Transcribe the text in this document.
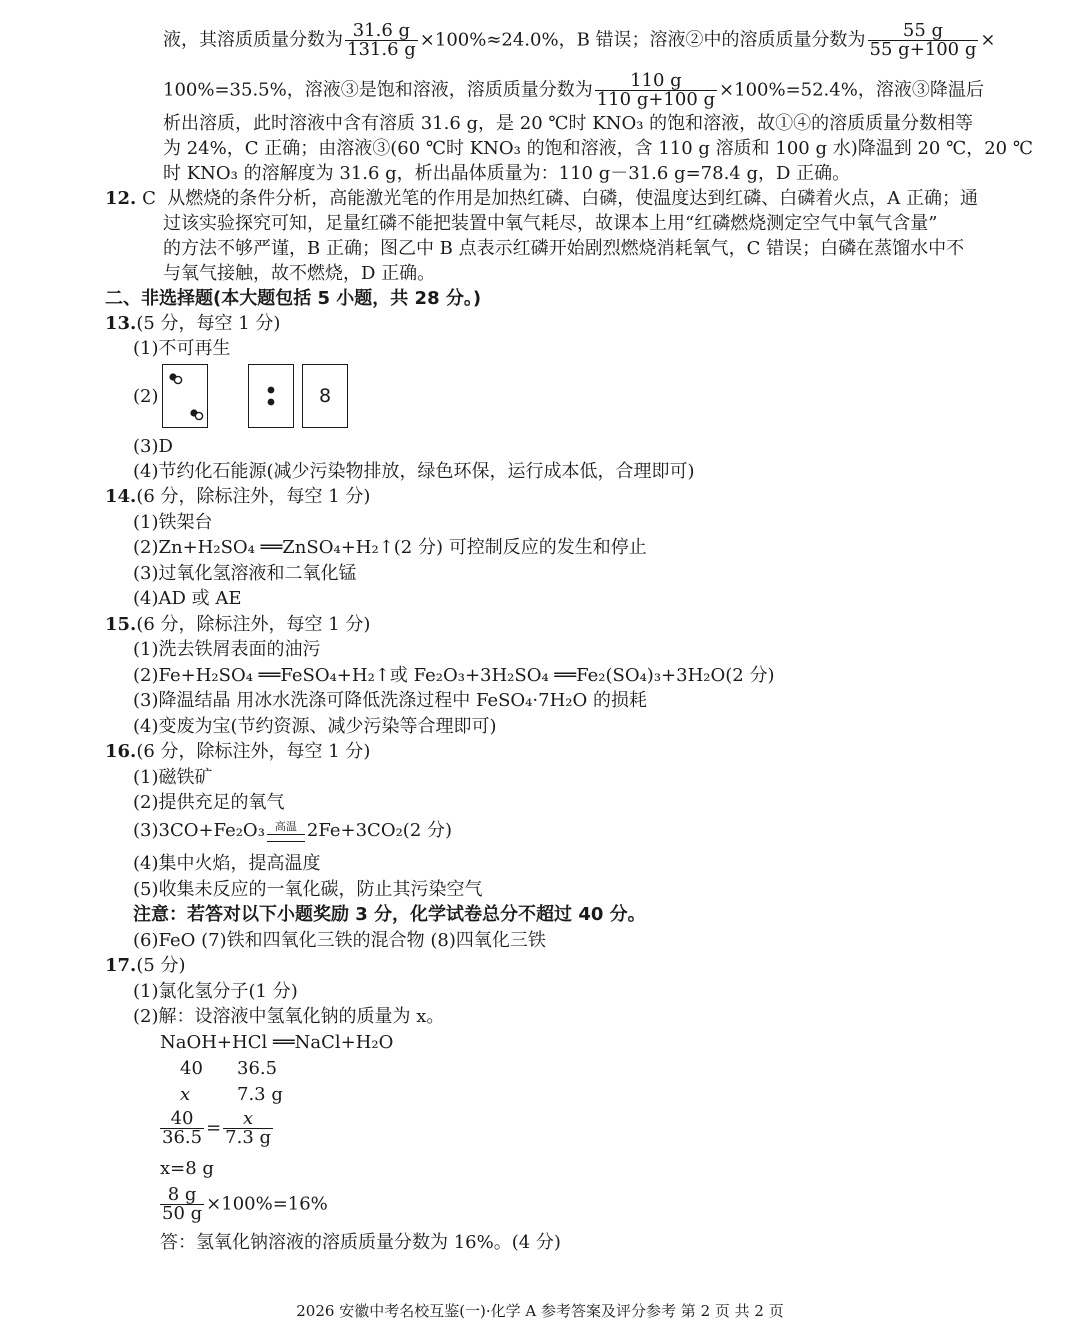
液，其溶质质量分数为 $\frac{31.6 g}{131.6 g} \times 100\%\approx 24.0\%$，B 错误；溶液②中的溶质质量分数为 $\frac{55 g}{55 g+100 g}$ ×
100%=35.5%，溶液③是饱和溶液，溶质质量分数为 $\frac{110 g}{110 g+100 g} \times 100\%=52.4\%$，溶液③降温后
析出溶质，此时溶液中含有溶质 31.6 g，是 20 ℃时 KNO₃ 的饱和溶液，故①④的溶质质量分数相等
为 24%，C 正确；由溶液③(60 ℃时 KNO₃ 的饱和溶液，含 110 g 溶质和 100 g 水)降温到 20 ℃，20 ℃
时 KNO₃ 的溶解度为 31.6 g，析出晶体质量为：110 g－31.6 g=78.4 g，D 正确。
12. C 从燃烧的条件分析，高能激光笔的作用是加热红磷、白磷，使温度达到红磷、白磷着火点，A 正确；通
过该实验探究可知，足量红磷不能把装置中氧气耗尽，故课本上用“红磷燃烧测定空气中氧气含量”
的方法不够严谨，B 正确；图乙中 B 点表示红磷开始剧烈燃烧消耗氧气，C 错误；白磷在蒸馏水中不
与氧气接触，故不燃烧，D 正确。
二、非选择题(本大题包括 5 小题，共 28 分。)
13.(5 分，每空 1 分)
(1)不可再生
(2)	8
(3)D
(4)节约化石能源(减少污染物排放，绿色环保，运行成本低，合理即可)
14.(6 分，除标注外，每空 1 分)
(1)铁架台
(2)Zn+H₂SO₄ ══ZnSO₄+H₂↑(2 分) 可控制反应的发生和停止
(3)过氧化氢溶液和二氧化锰
(4)AD 或 AE
15.(6 分，除标注外，每空 1 分)
(1)洗去铁屑表面的油污
(2)Fe+H₂SO₄ ══FeSO₄+H₂↑或 Fe₂O₃+3H₂SO₄ ══Fe₂(SO₄)₃+3H₂O(2 分)
(3)降温结晶 用冰水洗涤可降低洗涤过程中 FeSO₄·7H₂O 的损耗
(4)变废为宝(节约资源、减少污染等合理即可)
16.(6 分，除标注外，每空 1 分)
(1)磁铁矿
(2)提供充足的氧气
(3)3CO+Fe₂O₃ 高温 2Fe+3CO₂(2 分)
(4)集中火焰，提高温度
(5)收集未反应的一氧化碳，防止其污染空气
注意：若答对以下小题奖励 3 分，化学试卷总分不超过 40 分。
(6)FeO (7)铁和四氧化三铁的混合物 (8)四氧化三铁
17.(5 分)
(1)氯化氢分子(1 分)
(2)解：设溶液中氢氧化钠的质量为 x。
NaOH+HCl ══NaCl+H₂O
40 36.5
x	7.3 g
$\frac{40}{36.5} = \frac{x}{7.3 g}$
x=8 g
$\frac{8 g}{50 g} \times 100\%=16\%$
答：氢氧化钠溶液的溶质质量分数为 16%。(4 分)
2026 安徽中考名校互鉴(一)·化学 A 参考答案及评分参考 第 2 页 共 2 页
